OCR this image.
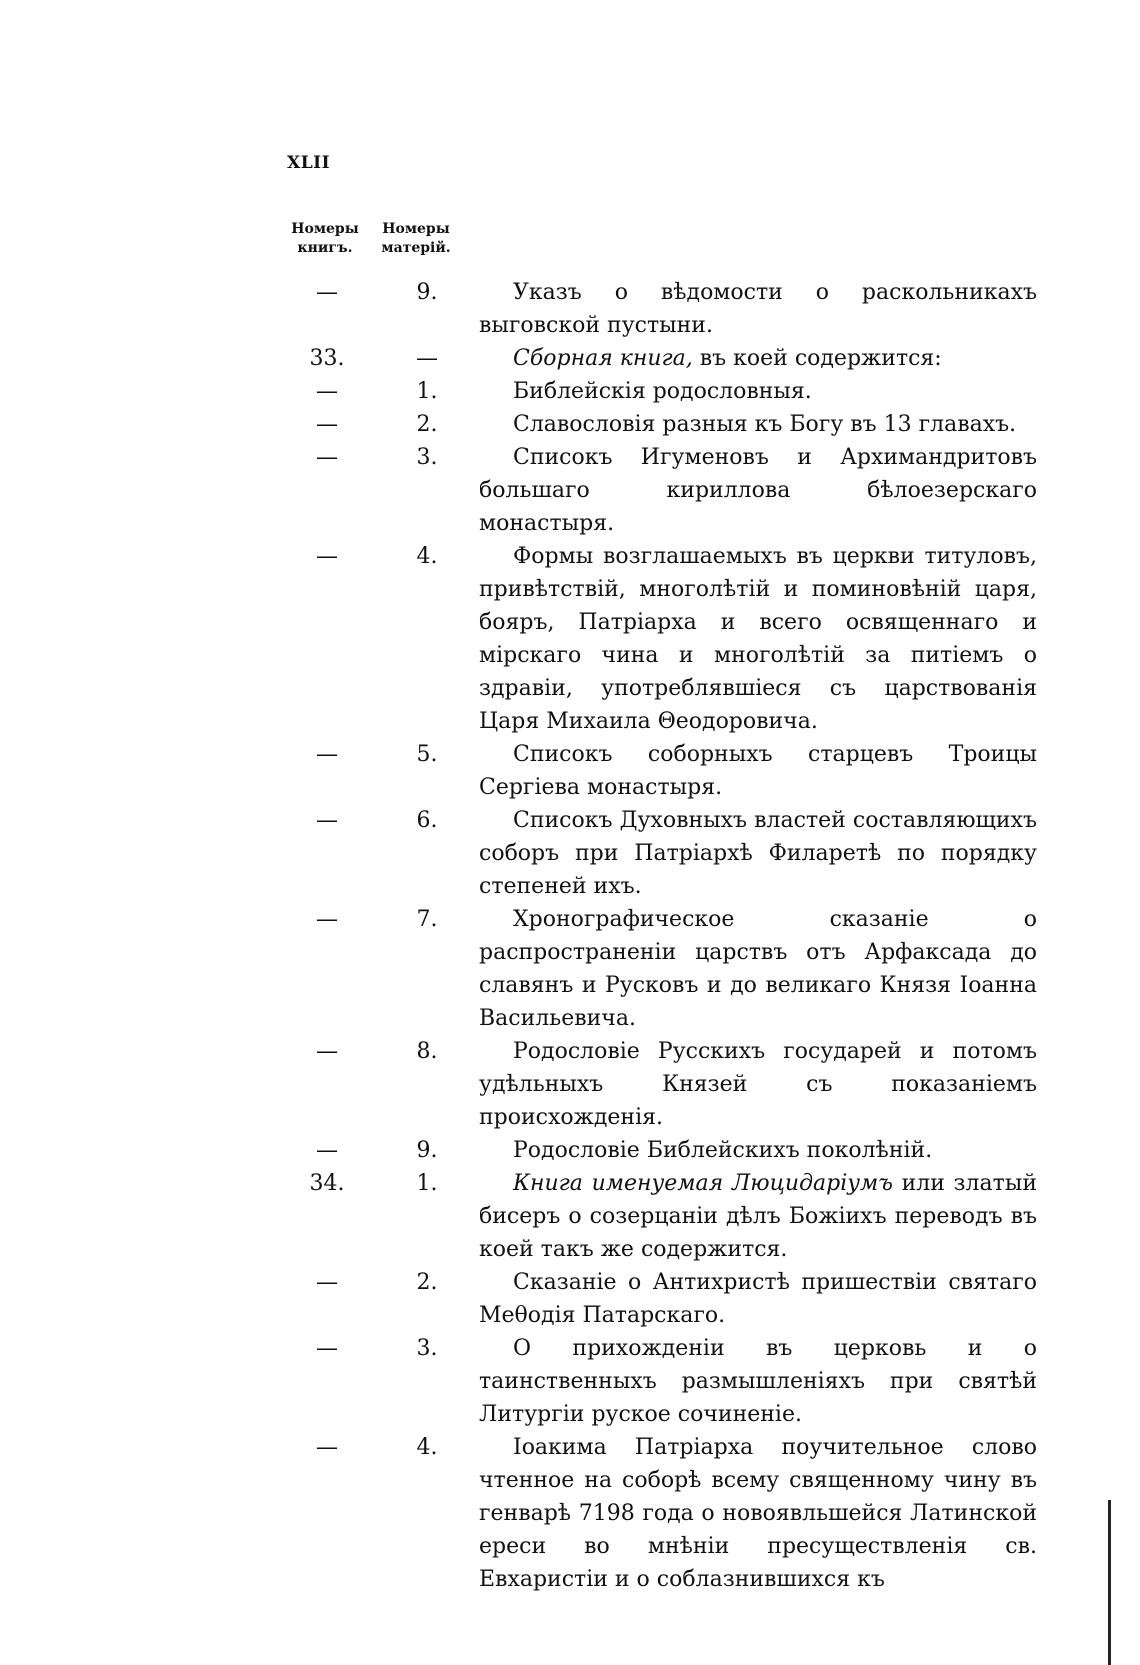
XLII
Номеры книгъ.
Номеры матерiй.
—	9.	Указъ о вѣдомости о раскольникахъ выговской пустыни.
33.	—	Сборная книга, въ коей содержится:
—	1.	Библейскiя родословныя.
—	2.	Славословiя разныя къ Богу въ 13 главахъ.
—	3.	Списокъ Игуменовъ и Архимандритовъ большаго кириллова бѣлоезерскаго монастыря.
—	4.	Формы возглашаемыхъ въ церкви титуловъ, привѣтствiй, многолѣтiй и поминовѣнiй царя, бояръ, Патрiарха и всего освященнаго и мiрскаго чина и многолѣтiй за питiемъ о здравiи, употреблявшiеся съ царствованiя Царя Михаила Θеодоровича.
—	5.	Списокъ соборныхъ старцевъ Троицы Сергiева монастыря.
—	6.	Списокъ Духовныхъ властей составляющихъ соборъ при Патрiархѣ Филаретѣ по порядку степеней ихъ.
—	7.	Хронографическое сказанiе о распространенiи царствъ отъ Арфаксада до славянъ и Русковъ и до великаго Князя Iоанна Васильевича.
—	8.	Родословiе Русскихъ государей и потомъ удѣльныхъ Князей съ показанiемъ происхожденiя.
—	9.	Родословiе Библейскихъ поколѣнiй.
34.	1.	Книга именуемая Люцидарiумъ или златый бисеръ о созерцанiи дѣлъ Божiихъ переводъ въ коей такъ же содержится.
—	2.	Сказанiе о Антихристѣ пришествiи святаго Меθодiя Патарскаго.
—	3.	О прихожденiи въ церковь и о таинственныхъ размышленiяхъ при святѣй Литургiи руское сочиненiе.
—	4.	Iоакима Патрiарха поучительное слово чтенное на соборѣ всему священному чину въ генварѣ 7198 года о новоявльшейся Латинской ереси во мнѣнiи пресуществленiя св. Евхаристiи и о соблазнившихся къ
